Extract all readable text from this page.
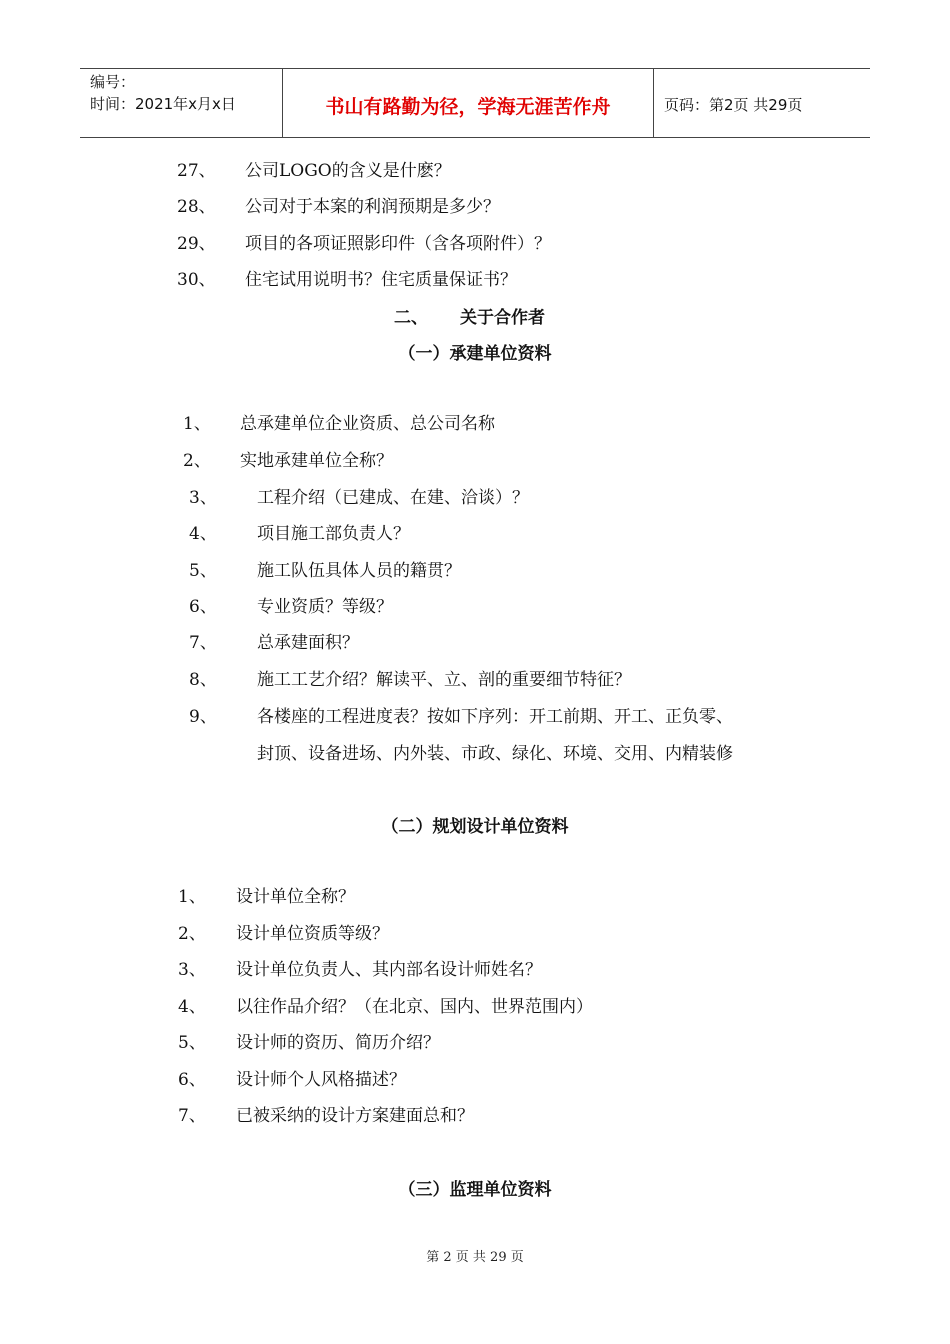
编号：
时间：2021年x月x日	书山有路勤为径，学海无涯苦作舟	页码：第2页 共29页
27、 公司LOGO的含义是什麽？
28、 公司对于本案的利润预期是多少？
29、 项目的各项证照影印件（含各项附件）？
30、 住宅试用说明书？住宅质量保证书？
二、 关于合作者
（一）承建单位资料
1、 总承建单位企业资质、总公司名称
2、 实地承建单位全称？
3、 工程介绍（已建成、在建、洽谈）？
4、 项目施工部负责人？
5、 施工队伍具体人员的籍贯？
6、 专业资质？等级？
7、 总承建面积？
8、 施工工艺介绍？解读平、立、剖的重要细节特征？
9、 各楼座的工程进度表？按如下序列：开工前期、开工、正负零、
封顶、设备进场、内外装、市政、绿化、环境、交用、内精装修
（二）规划设计单位资料
1、 设计单位全称？
2、 设计单位资质等级？
3、 设计单位负责人、其内部名设计师姓名？
4、 以往作品介绍？（在北京、国内、世界范围内）
5、 设计师的资历、简历介绍？
6、 设计师个人风格描述？
7、 已被采纳的设计方案建面总和？
（三）监理单位资料
第 2 页 共 29 页
